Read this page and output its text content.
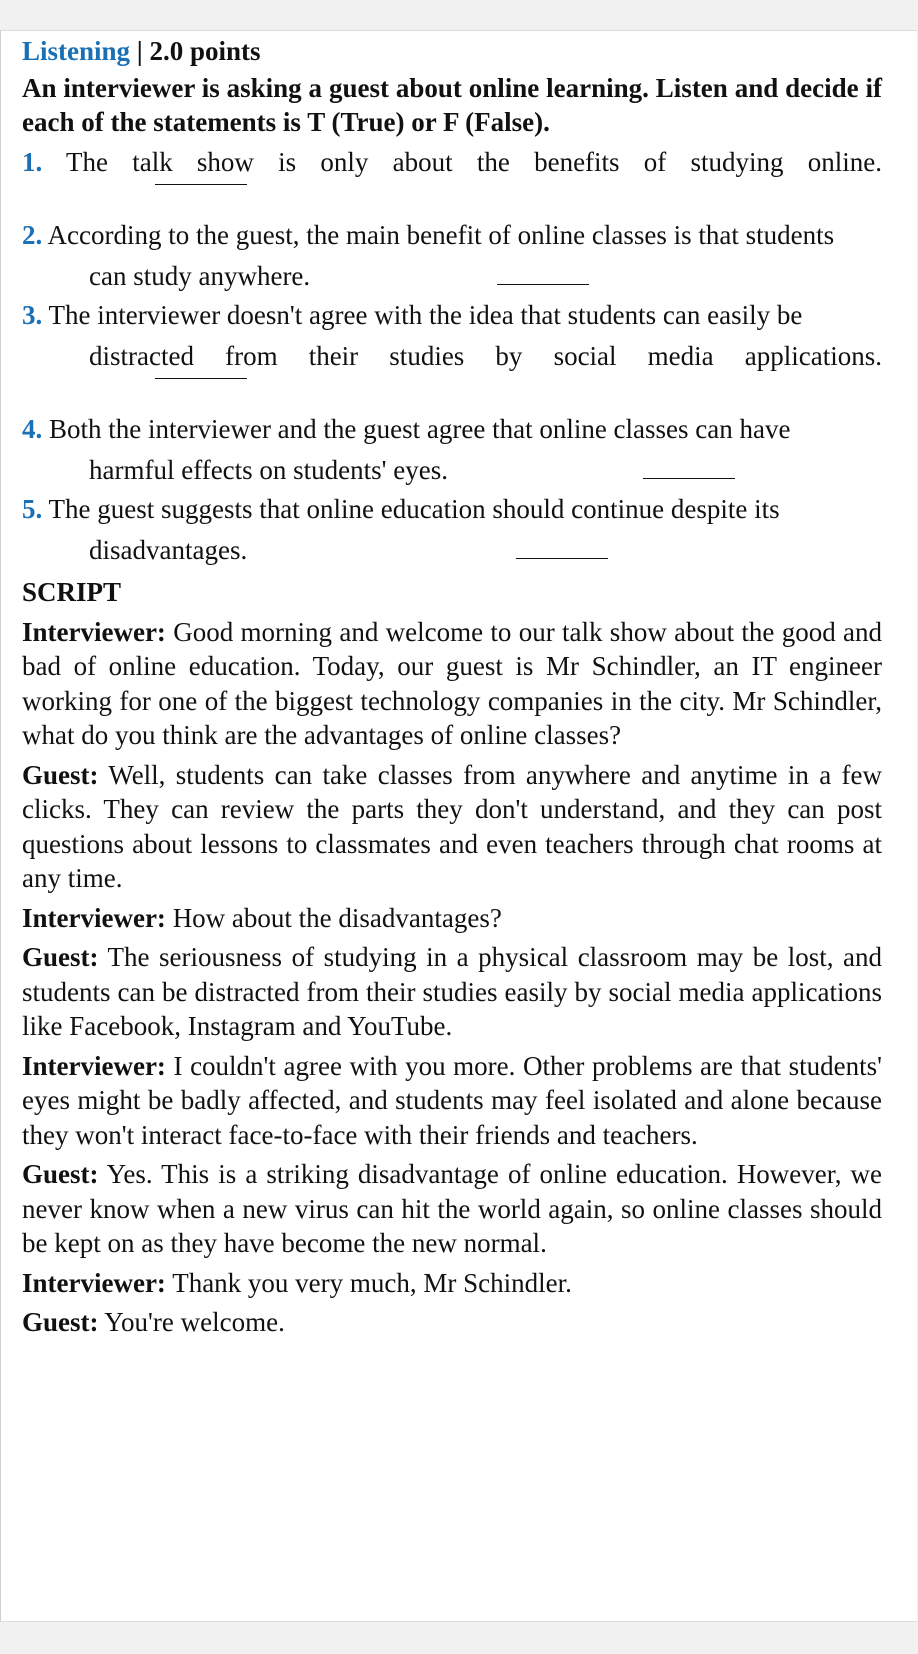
Listening | 2.0 points
An interviewer is asking a guest about online learning. Listen and decide if each of the statements is T (True) or F (False).
1. The talk show is only about the benefits of studying online.
2. According to the guest, the main benefit of online classes is that students
can study anywhere.
3. The interviewer doesn't agree with the idea that students can easily be
distracted from their studies by social media applications.
4. Both the interviewer and the guest agree that online classes can have
harmful effects on students' eyes.
5. The guest suggests that online education should continue despite its
disadvantages.
SCRIPT
Interviewer: Good morning and welcome to our talk show about the good and bad of online education. Today, our guest is Mr Schindler, an IT engineer working for one of the biggest technology companies in the city. Mr Schindler, what do you think are the advantages of online classes?
Guest: Well, students can take classes from anywhere and anytime in a few clicks. They can review the parts they don't understand, and they can post questions about lessons to classmates and even teachers through chat rooms at any time.
Interviewer: How about the disadvantages?
Guest: The seriousness of studying in a physical classroom may be lost, and students can be distracted from their studies easily by social media applications like Facebook, Instagram and YouTube.
Interviewer: I couldn't agree with you more. Other problems are that students' eyes might be badly affected, and students may feel isolated and alone because they won't interact face-to-face with their friends and teachers.
Guest: Yes. This is a striking disadvantage of online education. However, we never know when a new virus can hit the world again, so online classes should be kept on as they have become the new normal.
Interviewer: Thank you very much, Mr Schindler.
Guest: You're welcome.
